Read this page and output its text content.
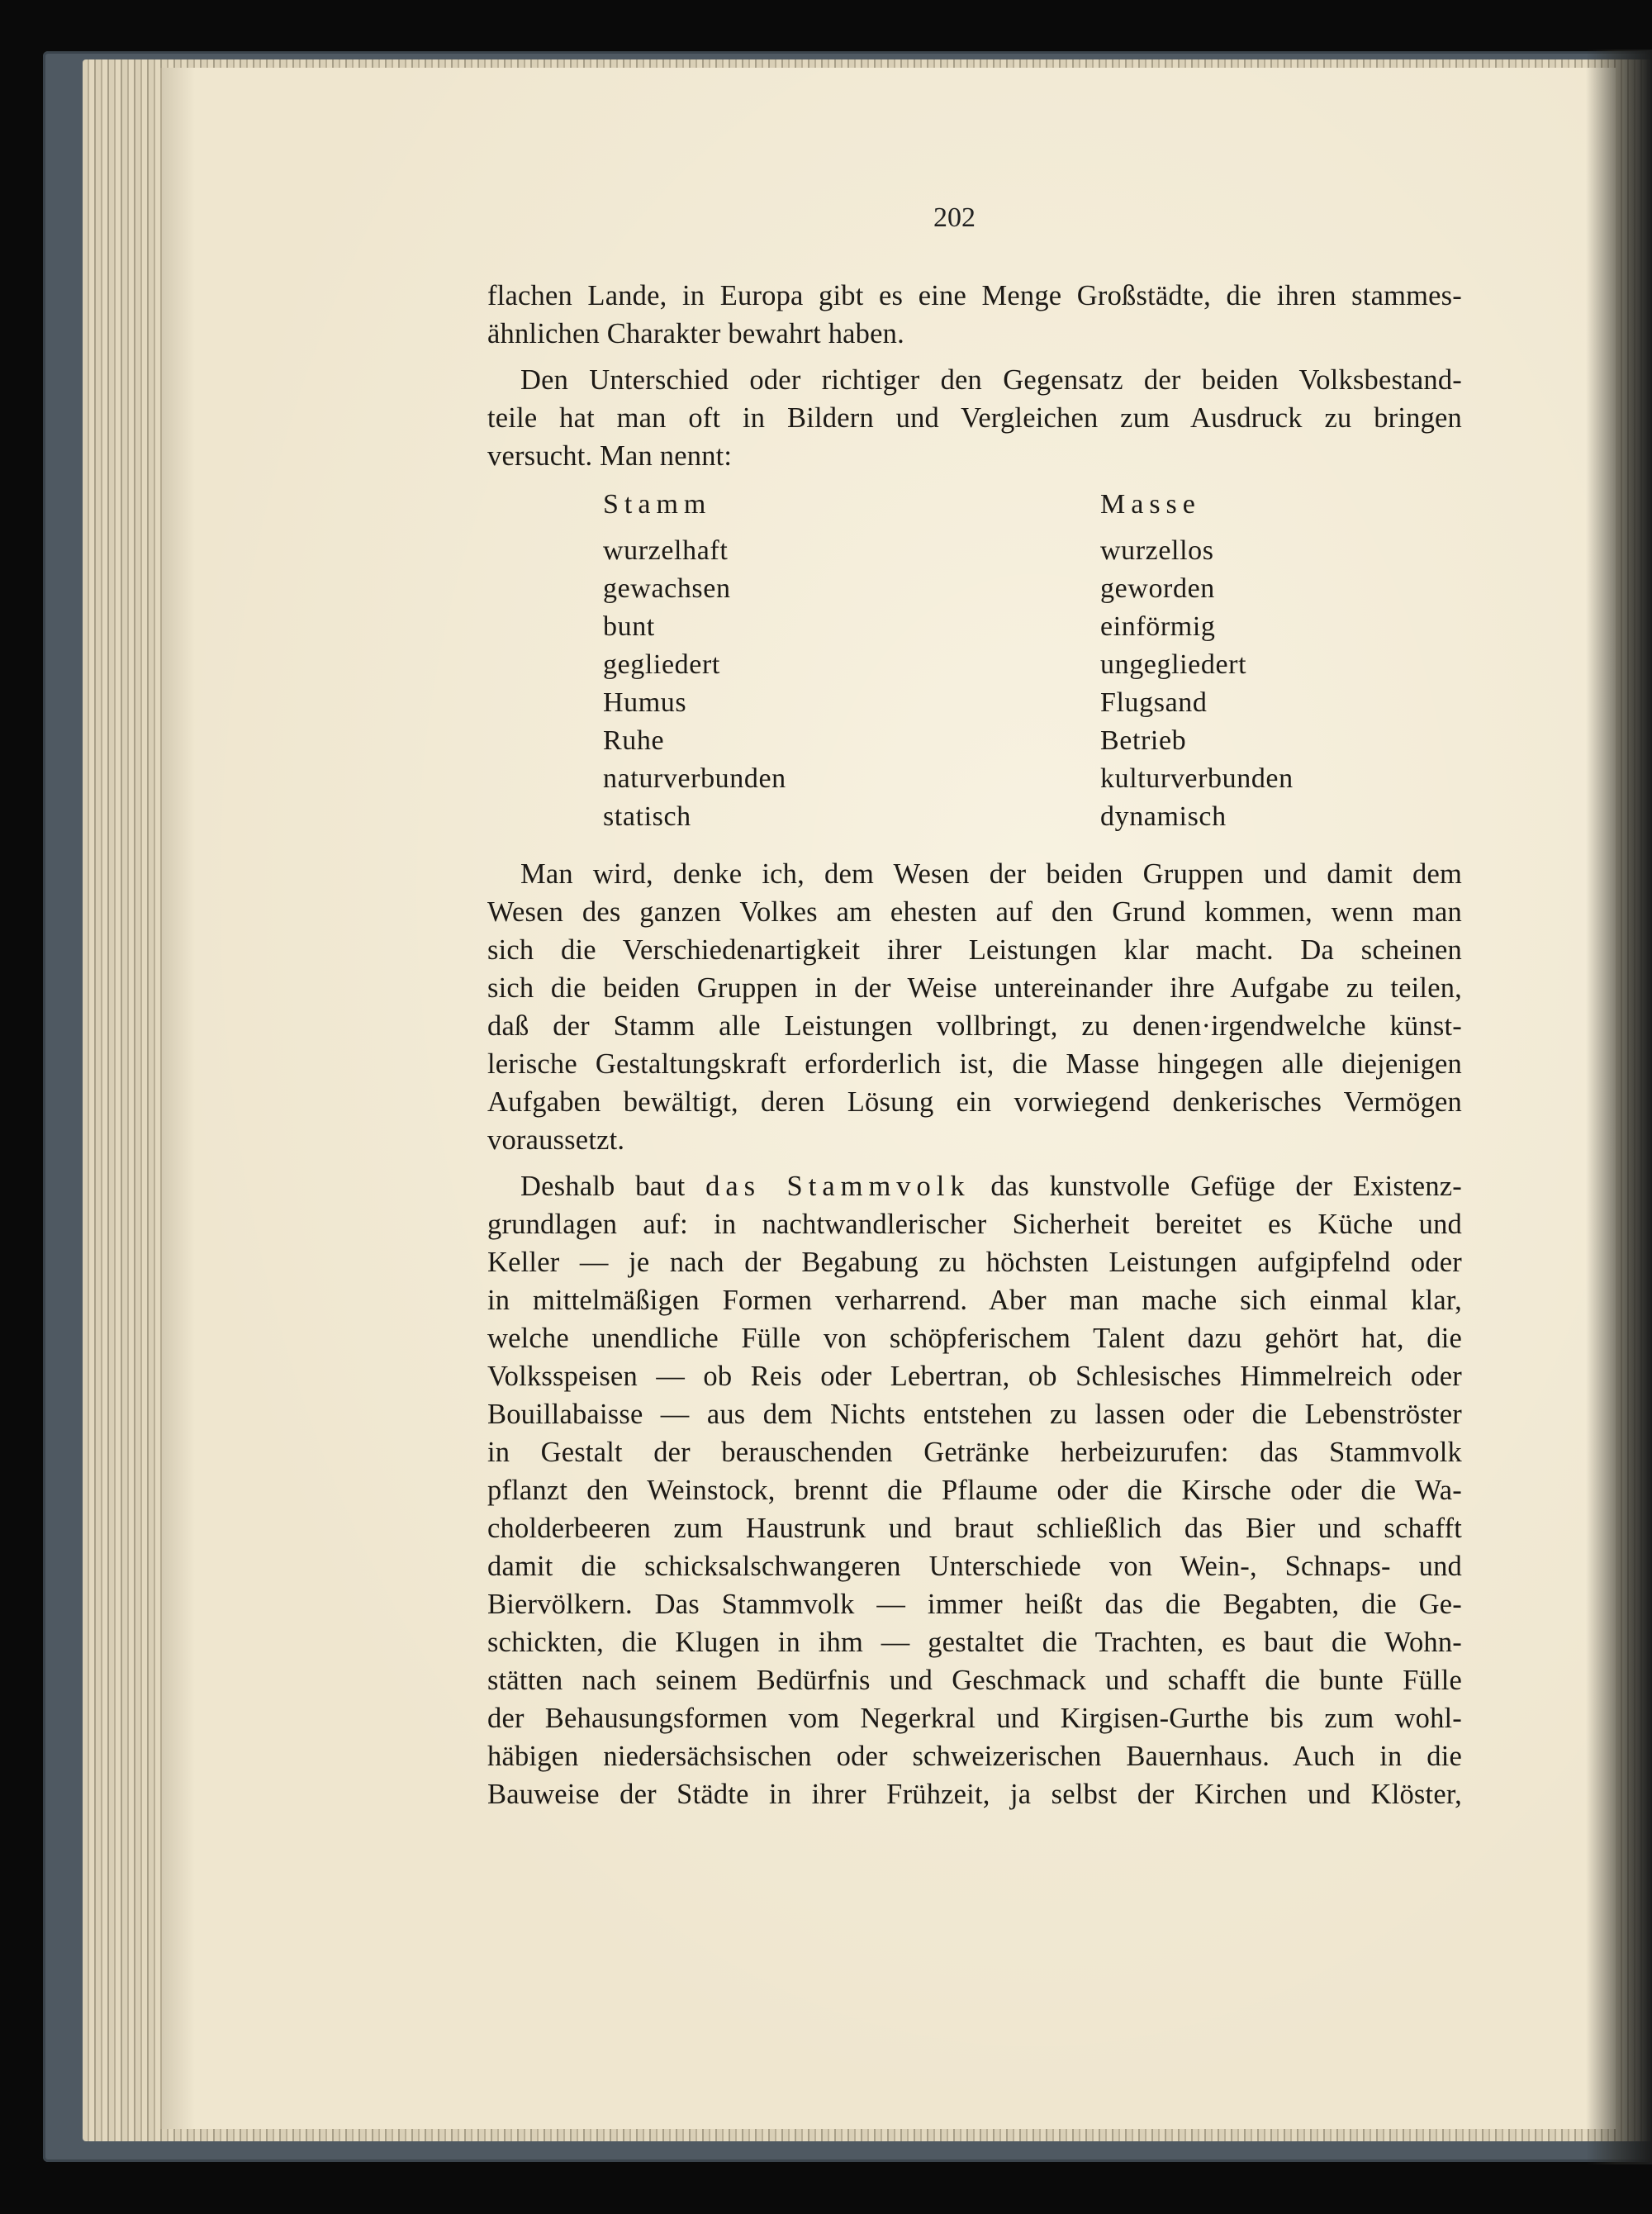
202
flachen Lande, in Europa gibt es eine Menge Großstädte, die ihren stammes-
ähnlichen Charakter bewahrt haben.
Den Unterschied oder richtiger den Gegensatz der beiden Volksbestand-
teile hat man oft in Bildern und Vergleichen zum Ausdruck zu bringen
versucht. Man nennt:
Stamm
wurzelhaft
gewachsen
bunt
gegliedert
Humus
Ruhe
naturverbunden
statisch
Masse
wurzellos
geworden
einförmig
ungegliedert
Flugsand
Betrieb
kulturverbunden
dynamisch
Man wird, denke ich, dem Wesen der beiden Gruppen und damit dem
Wesen des ganzen Volkes am ehesten auf den Grund kommen, wenn man
sich die Verschiedenartigkeit ihrer Leistungen klar macht. Da scheinen
sich die beiden Gruppen in der Weise untereinander ihre Aufgabe zu teilen,
daß der Stamm alle Leistungen vollbringt, zu denen·irgendwelche künst-
lerische Gestaltungskraft erforderlich ist, die Masse hingegen alle diejenigen
Aufgaben bewältigt, deren Lösung ein vorwiegend denkerisches Vermögen
voraussetzt.
Deshalb baut das Stammvolk das kunstvolle Gefüge der Existenz-
grundlagen auf: in nachtwandlerischer Sicherheit bereitet es Küche und
Keller — je nach der Begabung zu höchsten Leistungen aufgipfelnd oder
in mittelmäßigen Formen verharrend. Aber man mache sich einmal klar,
welche unendliche Fülle von schöpferischem Talent dazu gehört hat, die
Volksspeisen — ob Reis oder Lebertran, ob Schlesisches Himmelreich oder
Bouillabaisse — aus dem Nichts entstehen zu lassen oder die Lebenströster
in Gestalt der berauschenden Getränke herbeizurufen: das Stammvolk
pflanzt den Weinstock, brennt die Pflaume oder die Kirsche oder die Wa-
cholderbeeren zum Haustrunk und braut schließlich das Bier und schafft
damit die schicksalschwangeren Unterschiede von Wein-, Schnaps- und
Biervölkern. Das Stammvolk — immer heißt das die Begabten, die Ge-
schickten, die Klugen in ihm — gestaltet die Trachten, es baut die Wohn-
stätten nach seinem Bedürfnis und Geschmack und schafft die bunte Fülle
der Behausungsformen vom Negerkral und Kirgisen-Gurthe bis zum wohl-
häbigen niedersächsischen oder schweizerischen Bauernhaus. Auch in die
Bauweise der Städte in ihrer Frühzeit, ja selbst der Kirchen und Klöster,
